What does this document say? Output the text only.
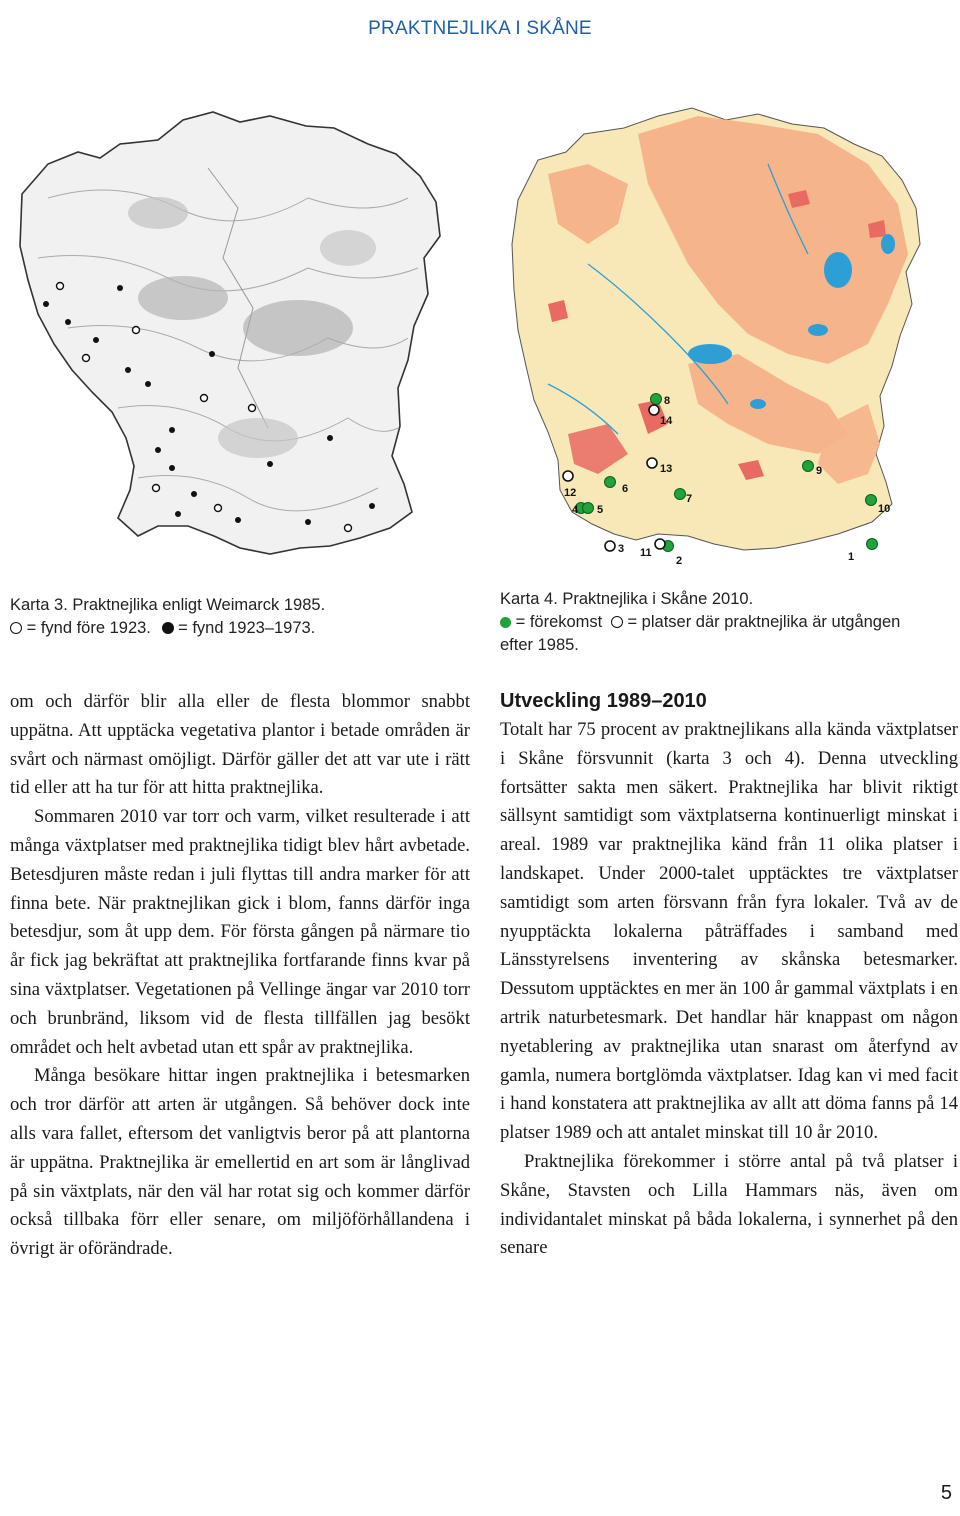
PRAKTNEJLIKA I SKÅNE
Karta 3. Praktnejlika enligt Weimarck 1985.
= fynd före 1923. = fynd 1923–1973.
1
2
3
4 5
6
7
8
9
10
11
12
13
14
Karta 4. Praktnejlika i Skåne 2010.
= förekomst = platser där praktnejlika är utgången
efter 1985.

om och därför blir alla eller de flesta blommor snabbt uppätna. Att upptäcka vegetativa plantor i betade områden är svårt och närmast omöjligt. Därför gäller det att var ute i rätt tid eller att ha tur för att hitta praktnejlika.

Sommaren 2010 var torr och varm, vilket resulterade i att många växtplatser med praktnejlika tidigt blev hårt avbetade. Betesdjuren måste redan i juli flyttas till andra marker för att finna bete. När praktnejlikan gick i blom, fanns därför inga betesdjur, som åt upp dem. För första gången på närmare tio år fick jag bekräftat att praktnejlika fortfarande finns kvar på sina växtplatser. Vegetationen på Vellinge ängar var 2010 torr och brunbränd, liksom vid de flesta tillfällen jag besökt området och helt avbetad utan ett spår av praktnejlika.

Många besökare hittar ingen praktnejlika i betesmarken och tror därför att arten är utgången. Så behöver dock inte alls vara fallet, eftersom det vanligtvis beror på att plantorna är uppätna. Praktnejlika är emellertid en art som är långlivad på sin växtplats, när den väl har rotat sig och kommer därför också tillbaka förr eller senare, om miljöförhållandena i övrigt är oförändrade.

Utveckling 1989–2010

Totalt har 75 procent av praktnejlikans alla kända växtplatser i Skåne försvunnit (karta 3 och 4). Denna utveckling fortsätter sakta men säkert. Praktnejlika har blivit riktigt sällsynt samtidigt som växtplatserna kontinuerligt minskat i areal. 1989 var praktnejlika känd från 11 olika platser i landskapet. Under 2000-talet upptäcktes tre växtplatser samtidigt som arten försvann från fyra lokaler. Två av de nyupptäckta lokalerna påträffades i samband med Länsstyrelsens inventering av skånska betesmarker. Dessutom upptäcktes en mer än 100 år gammal växtplats i en artrik naturbetesmark. Det handlar här knappast om någon nyetablering av praktnejlika utan snarast om återfynd av gamla, numera bortglömda växtplatser. Idag kan vi med facit i hand konstatera att praktnejlika av allt att döma fanns på 14 platser 1989 och att antalet minskat till 10 år 2010.

Praktnejlika förekommer i större antal på två platser i Skåne, Stavsten och Lilla Hammars näs, även om individantalet minskat på båda lokalerna, i synnerhet på den senare

5
